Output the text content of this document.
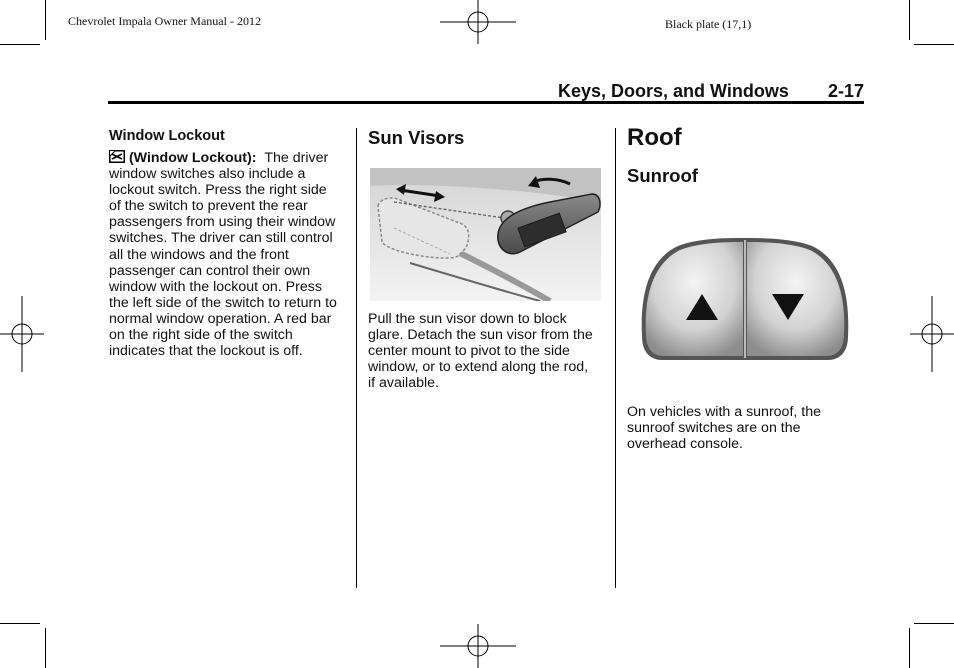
Chevrolet Impala Owner Manual - 2012	Black plate (17,1)
Keys, Doors, and Windows 2-17
Window Lockout
(Window Lockout): The driver
window switches also include a
lockout switch. Press the right side
of the switch to prevent the rear
passengers from using their window
switches. The driver can still control
all the windows and the front
passenger can control their own
window with the lockout on. Press
the left side of the switch to return to
normal window operation. A red bar
on the right side of the switch
indicates that the lockout is off.
Sun Visors
Pull the sun visor down to block
glare. Detach the sun visor from the
center mount to pivot to the side
window, or to extend along the rod,
if available.
Roof
Sunroof
On vehicles with a sunroof, the
sunroof switches are on the
overhead console.
